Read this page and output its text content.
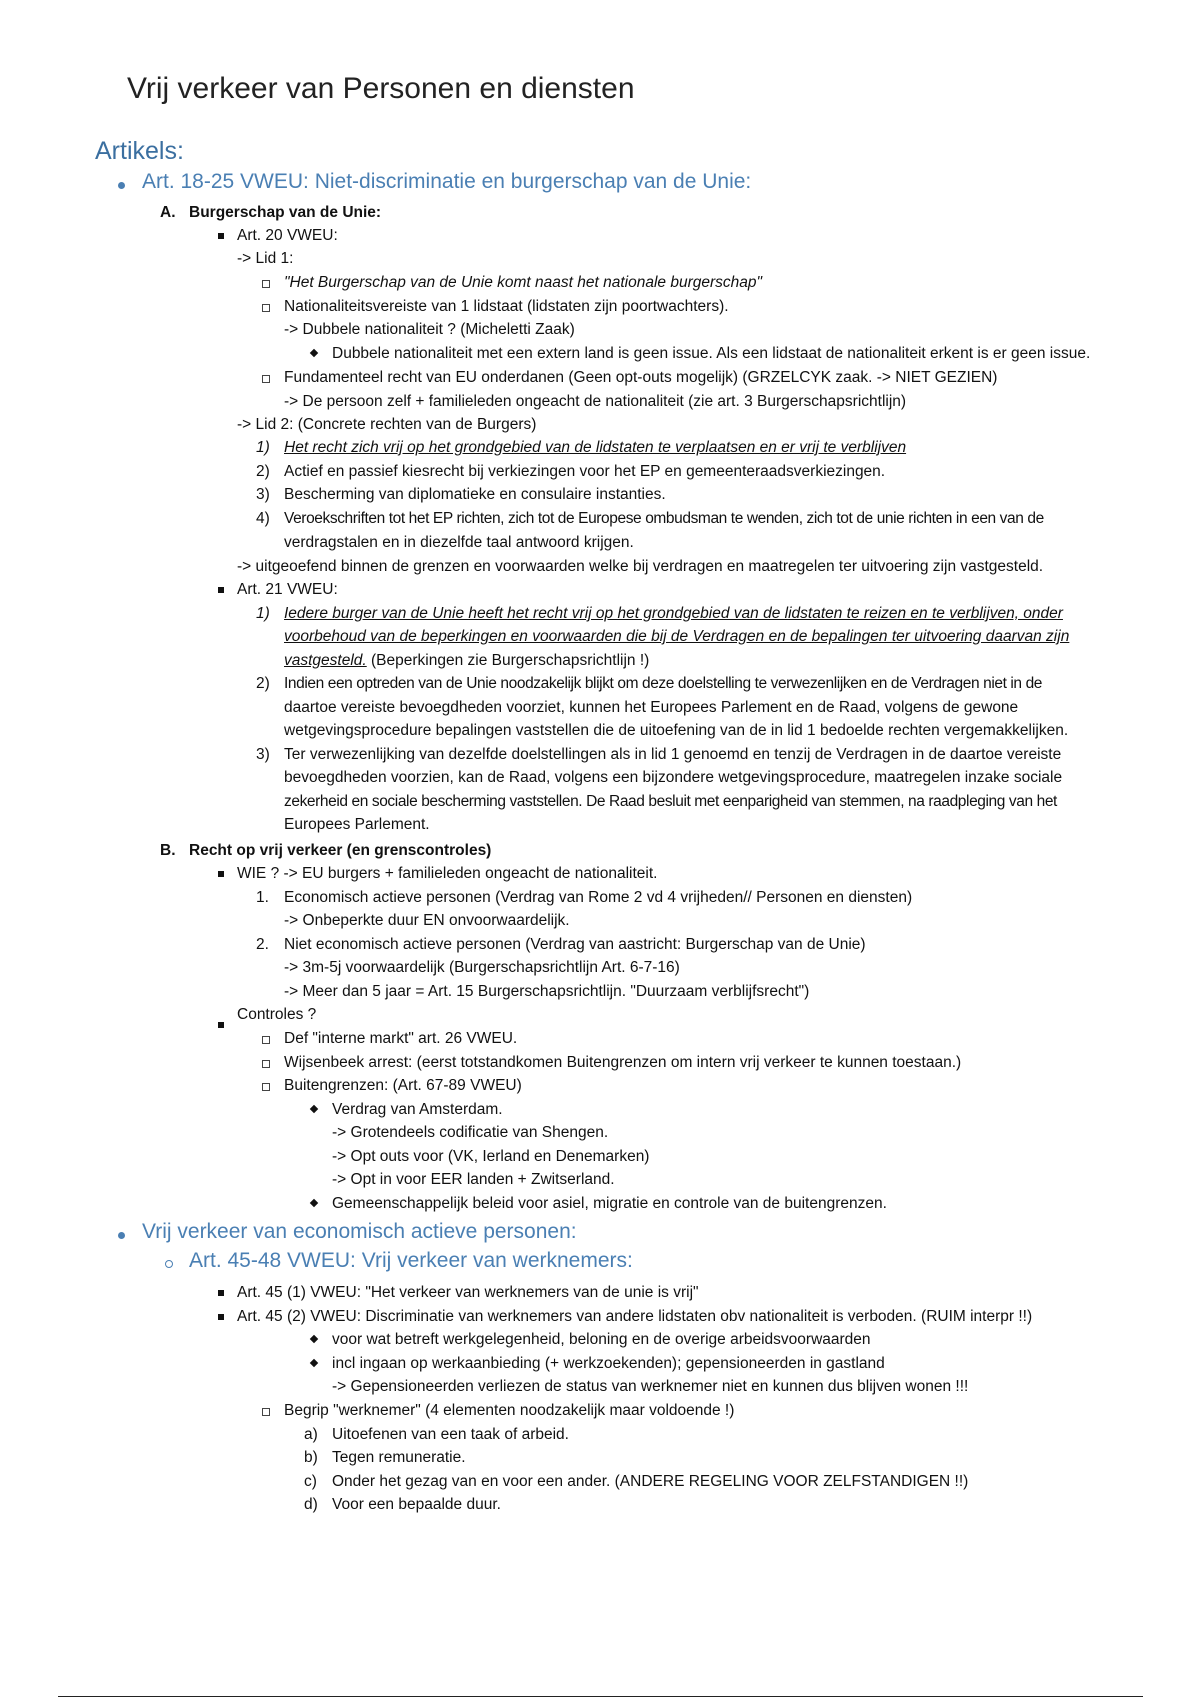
Vrij verkeer van Personen en diensten
Artikels:
Art. 18-25 VWEU: Niet-discriminatie en burgerschap van de Unie:
A. Burgerschap van de Unie:
Art. 20 VWEU:
-> Lid 1:
"Het Burgerschap van de Unie komt naast het nationale burgerschap"
Nationaliteitsvereiste van 1 lidstaat (lidstaten zijn poortwachters).
-> Dubbele nationaliteit ? (Micheletti Zaak)
Dubbele nationaliteit met een extern land is geen issue. Als een lidstaat de nationaliteit erkent is er geen issue.
Fundamenteel recht van EU onderdanen (Geen opt-outs mogelijk) (GRZELCYK zaak. -> NIET GEZIEN)
-> De persoon zelf + familieleden ongeacht de nationaliteit (zie art. 3 Burgerschapsrichtlijn)
-> Lid 2: (Concrete rechten van de Burgers)
1) Het recht zich vrij op het grondgebied van de lidstaten te verplaatsen en er vrij te verblijven
2) Actief en passief kiesrecht bij verkiezingen voor het EP en gemeenteraadsverkiezingen.
3) Bescherming van diplomatieke en consulaire instanties.
4) Veroekschriften tot het EP richten, zich tot de Europese ombudsman te wenden, zich tot de unie richten in een van de
verdragstalen en in diezelfde taal antwoord krijgen.
-> uitgeoefend binnen de grenzen en voorwaarden welke bij verdragen en maatregelen ter uitvoering zijn vastgesteld.
Art. 21 VWEU:
1) Iedere burger van de Unie heeft het recht vrij op het grondgebied van de lidstaten te reizen en te verblijven, onder
voorbehoud van de beperkingen en voorwaarden die bij de Verdragen en de bepalingen ter uitvoering daarvan zijn
vastgesteld. (Beperkingen zie Burgerschapsrichtlijn !)
2) Indien een optreden van de Unie noodzakelijk blijkt om deze doelstelling te verwezenlijken en de Verdragen niet in de
daartoe vereiste bevoegdheden voorziet, kunnen het Europees Parlement en de Raad, volgens de gewone
wetgevingsprocedure bepalingen vaststellen die de uitoefening van de in lid 1 bedoelde rechten vergemakkelijken.
3) Ter verwezenlijking van dezelfde doelstellingen als in lid 1 genoemd en tenzij de Verdragen in de daartoe vereiste
bevoegdheden voorzien, kan de Raad, volgens een bijzondere wetgevingsprocedure, maatregelen inzake sociale
zekerheid en sociale bescherming vaststellen. De Raad besluit met eenparigheid van stemmen, na raadpleging van het
Europees Parlement.
B. Recht op vrij verkeer (en grenscontroles)
WIE ? -> EU burgers + familieleden ongeacht de nationaliteit.
1. Economisch actieve personen (Verdrag van Rome 2 vd 4 vrijheden// Personen en diensten)
-> Onbeperkte duur EN onvoorwaardelijk.
2. Niet economisch actieve personen (Verdrag van aastricht: Burgerschap van de Unie)
-> 3m-5j voorwaardelijk (Burgerschapsrichtlijn Art. 6-7-16)
-> Meer dan 5 jaar = Art. 15 Burgerschapsrichtlijn. "Duurzaam verblijfsrecht")
Controles ?
Def "interne markt" art. 26 VWEU.
Wijsenbeek arrest: (eerst totstandkomen Buitengrenzen om intern vrij verkeer te kunnen toestaan.)
Buitengrenzen: (Art. 67-89 VWEU)
Verdrag van Amsterdam.
-> Grotendeels codificatie van Shengen.
-> Opt outs voor (VK, Ierland en Denemarken)
-> Opt in voor EER landen + Zwitserland.
Gemeenschappelijk beleid voor asiel, migratie en controle van de buitengrenzen.
Vrij verkeer van economisch actieve personen:
Art. 45-48 VWEU: Vrij verkeer van werknemers:
Art. 45 (1) VWEU: "Het verkeer van werknemers van de unie is vrij"
Art. 45 (2) VWEU: Discriminatie van werknemers van andere lidstaten obv nationaliteit is verboden. (RUIM interpr !!)
voor wat betreft werkgelegenheid, beloning en de overige arbeidsvoorwaarden
incl ingaan op werkaanbieding (+ werkzoekenden); gepensioneerden in gastland
-> Gepensioneerden verliezen de status van werknemer niet en kunnen dus blijven wonen !!!
Begrip "werknemer" (4 elementen noodzakelijk maar voldoende !)
a) Uitoefenen van een taak of arbeid.
b) Tegen remuneratie.
c) Onder het gezag van en voor een ander. (ANDERE REGELING VOOR ZELFSTANDIGEN !!)
d) Voor een bepaalde duur.
